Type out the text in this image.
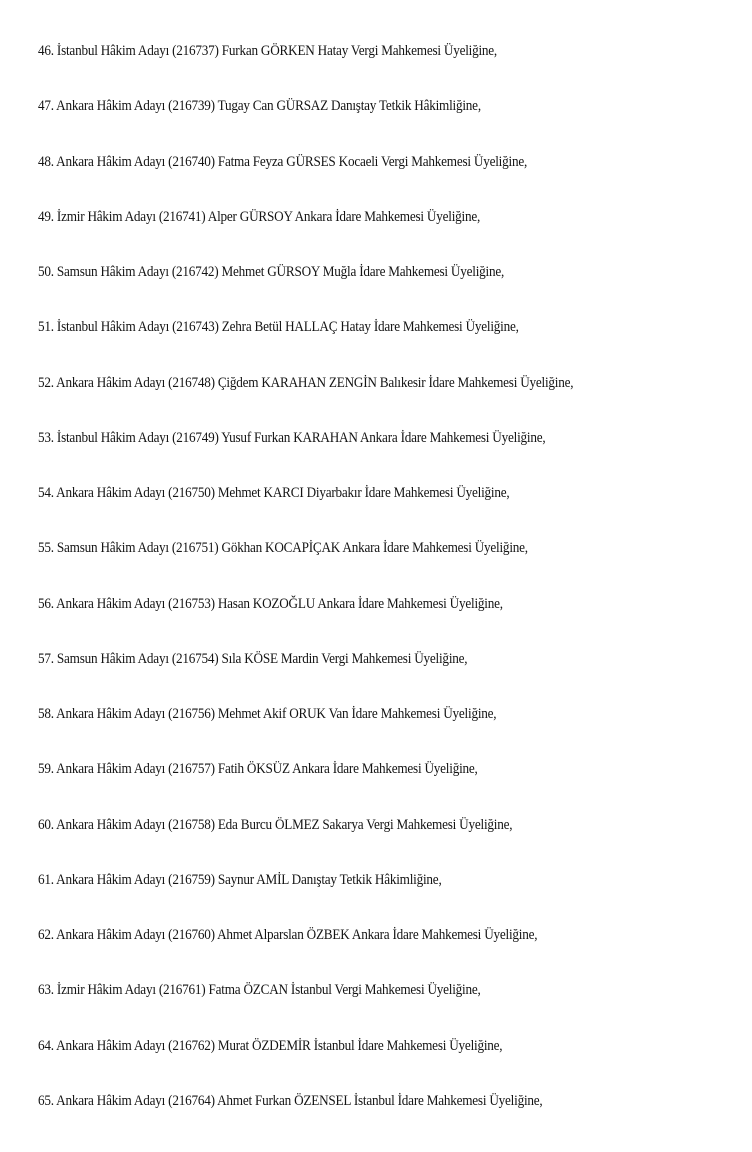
46. İstanbul Hâkim Adayı (216737) Furkan GÖRKEN Hatay Vergi Mahkemesi Üyeliğine,
47. Ankara Hâkim Adayı (216739) Tugay Can GÜRSAZ Danıştay Tetkik Hâkimliğine,
48. Ankara Hâkim Adayı (216740) Fatma Feyza GÜRSES Kocaeli Vergi Mahkemesi Üyeliğine,
49. İzmir Hâkim Adayı (216741) Alper GÜRSOY Ankara İdare Mahkemesi Üyeliğine,
50. Samsun Hâkim Adayı (216742) Mehmet GÜRSOY Muğla İdare Mahkemesi Üyeliğine,
51. İstanbul Hâkim Adayı (216743) Zehra Betül HALLAÇ Hatay İdare Mahkemesi Üyeliğine,
52. Ankara Hâkim Adayı (216748) Çiğdem KARAHAN ZENGİN Balıkesir İdare Mahkemesi Üyeliğine,
53. İstanbul Hâkim Adayı (216749) Yusuf Furkan KARAHAN Ankara İdare Mahkemesi Üyeliğine,
54. Ankara Hâkim Adayı (216750) Mehmet KARCI Diyarbakır İdare Mahkemesi Üyeliğine,
55. Samsun Hâkim Adayı (216751) Gökhan KOCAPİÇAK Ankara İdare Mahkemesi Üyeliğine,
56. Ankara Hâkim Adayı (216753) Hasan KOZOĞLU Ankara İdare Mahkemesi Üyeliğine,
57. Samsun Hâkim Adayı (216754) Sıla KÖSE Mardin Vergi Mahkemesi Üyeliğine,
58. Ankara Hâkim Adayı (216756) Mehmet Akif ORUK Van İdare Mahkemesi Üyeliğine,
59. Ankara Hâkim Adayı (216757) Fatih ÖKSÜZ Ankara İdare Mahkemesi Üyeliğine,
60. Ankara Hâkim Adayı (216758) Eda Burcu ÖLMEZ Sakarya Vergi Mahkemesi Üyeliğine,
61. Ankara Hâkim Adayı (216759) Saynur AMİL Danıştay Tetkik Hâkimliğine,
62. Ankara Hâkim Adayı (216760) Ahmet Alparslan ÖZBEK Ankara İdare Mahkemesi Üyeliğine,
63. İzmir Hâkim Adayı (216761) Fatma ÖZCAN İstanbul Vergi Mahkemesi Üyeliğine,
64. Ankara Hâkim Adayı (216762) Murat ÖZDEMİR İstanbul İdare Mahkemesi Üyeliğine,
65. Ankara Hâkim Adayı (216764) Ahmet Furkan ÖZENSEL İstanbul İdare Mahkemesi Üyeliğine,
